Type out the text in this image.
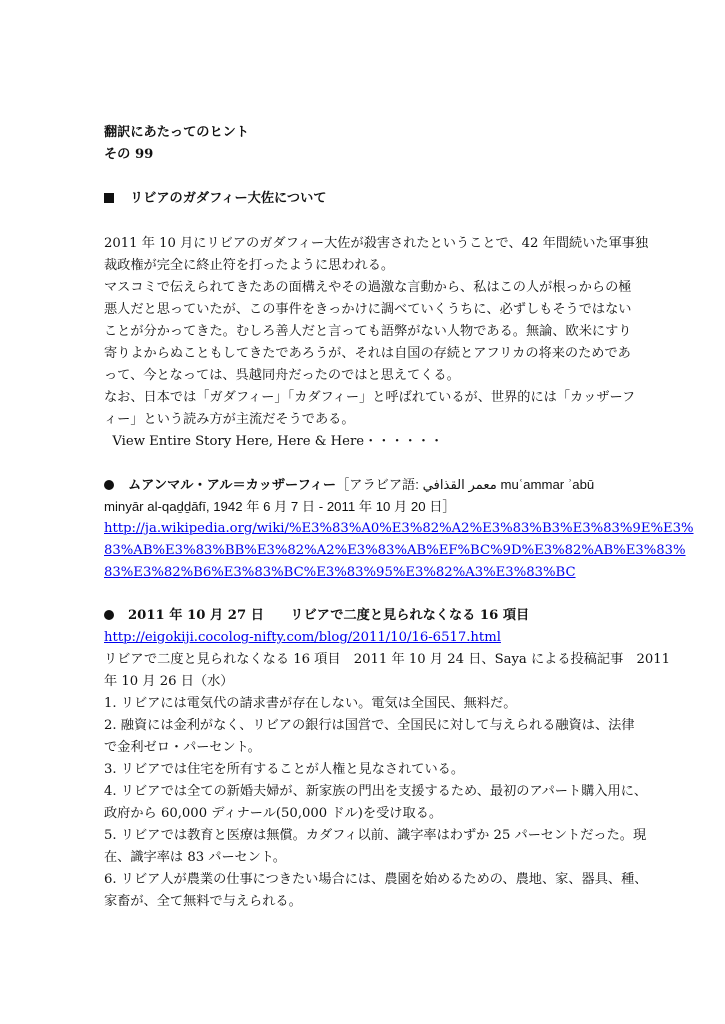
翻訳にあたってのヒント
その 99
リビアのガダフィー大佐について
2011 年 10 月にリビアのガダフィー大佐が殺害されたということで、42 年間続いた軍事独
裁政権が完全に終止符を打ったように思われる。
マスコミで伝えられてきたあの面構えやその過激な言動から、私はこの人が根っからの極
悪人だと思っていたが、この事件をきっかけに調べていくうちに、必ずしもそうではない
ことが分かってきた。むしろ善人だと言っても語弊がない人物である。無論、欧米にすり
寄りよからぬこともしてきたであろうが、それは自国の存続とアフリカの将来のためであ
って、今となっては、呉越同舟だったのではと思えてくる。
なお、日本では「ガダフィー」「カダフィー」と呼ばれているが、世界的には「カッザーフ
ィー」という読み方が主流だそうである。
View Entire Story Here, Here & Here・・・・・・
ムアンマル・アル＝カッザーフィー［アラビア語: معمر القذافي‎ muʿammar ʾabū
minyār al-qaḏḏāfī, 1942 年 6 月 7 日 - 2011 年 10 月 20 日］
http://ja.wikipedia.org/wiki/%E3%83%A0%E3%82%A2%E3%83%B3%E3%83%9E%E3%
83%AB%E3%83%BB%E3%82%A2%E3%83%AB%EF%BC%9D%E3%82%AB%E3%83%
83%E3%82%B6%E3%83%BC%E3%83%95%E3%82%A3%E3%83%BC
2011 年 10 月 27 日　　リビアで二度と見られなくなる 16 項目
http://eigokiji.cocolog-nifty.com/blog/2011/10/16-6517.html
リビアで二度と見られなくなる 16 項目　2011 年 10 月 24 日、Saya による投稿記事　2011
年 10 月 26 日（水）
1. リビアには電気代の請求書が存在しない。電気は全国民、無料だ。
2. 融資には金利がなく、リビアの銀行は国営で、全国民に対して与えられる融資は、法律
で金利ゼロ・パーセント。
3. リビアでは住宅を所有することが人権と見なされている。
4. リビアでは全ての新婚夫婦が、新家族の門出を支援するため、最初のアパート購入用に、
政府から 60,000 ディナール(50,000 ドル)を受け取る。
5. リビアでは教育と医療は無償。カダフィ以前、識字率はわずか 25 パーセントだった。現
在、識字率は 83 パーセント。
6. リビア人が農業の仕事につきたい場合には、農園を始めるための、農地、家、器具、種、
家畜が、全て無料で与えられる。
